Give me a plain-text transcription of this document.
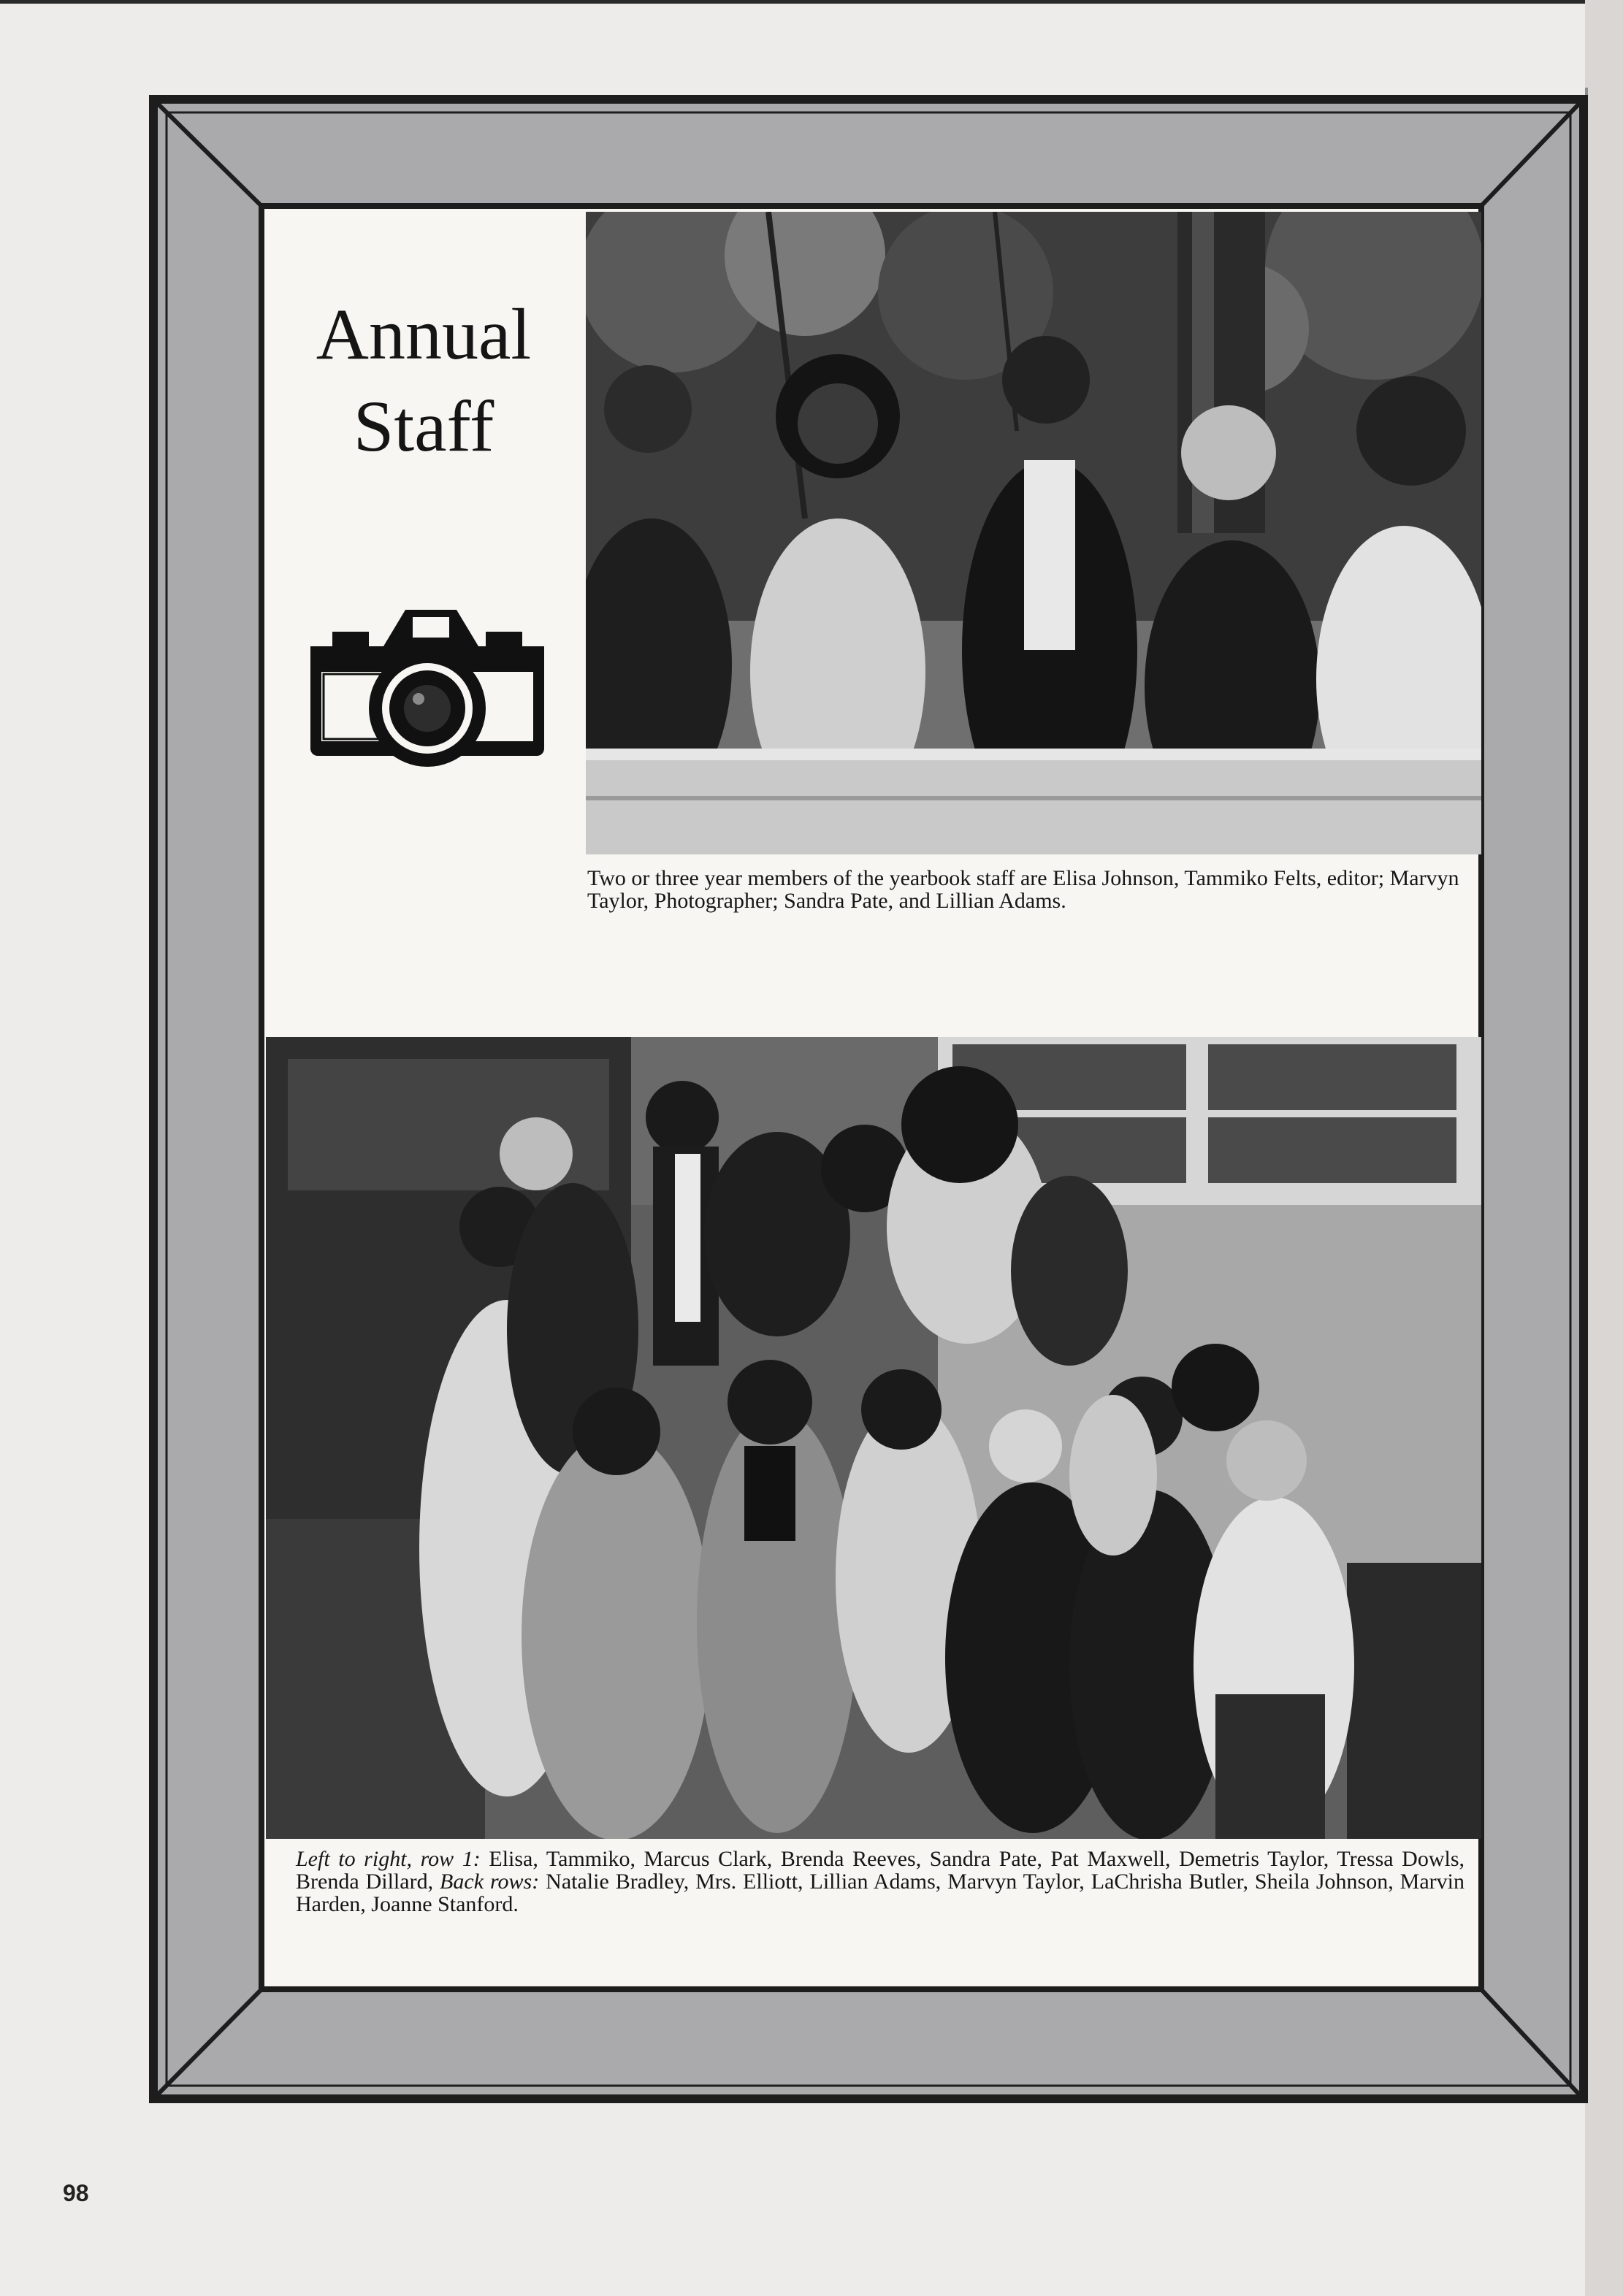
Annual
Staff
Two or three year members of the yearbook staff are Elisa Johnson, Tammiko Felts, editor; Marvyn Taylor, Photographer; Sandra Pate, and Lillian Adams.
Left to right, row 1: Elisa, Tammiko, Marcus Clark, Brenda Reeves, Sandra Pate, Pat Maxwell, Demetris Taylor, Tressa Dowls, Brenda Dillard, Back rows: Natalie Bradley, Mrs. Elliott, Lillian Adams, Marvyn Taylor, LaChrisha Butler, Sheila Johnson, Marvin Harden, Joanne Stanford.
98
